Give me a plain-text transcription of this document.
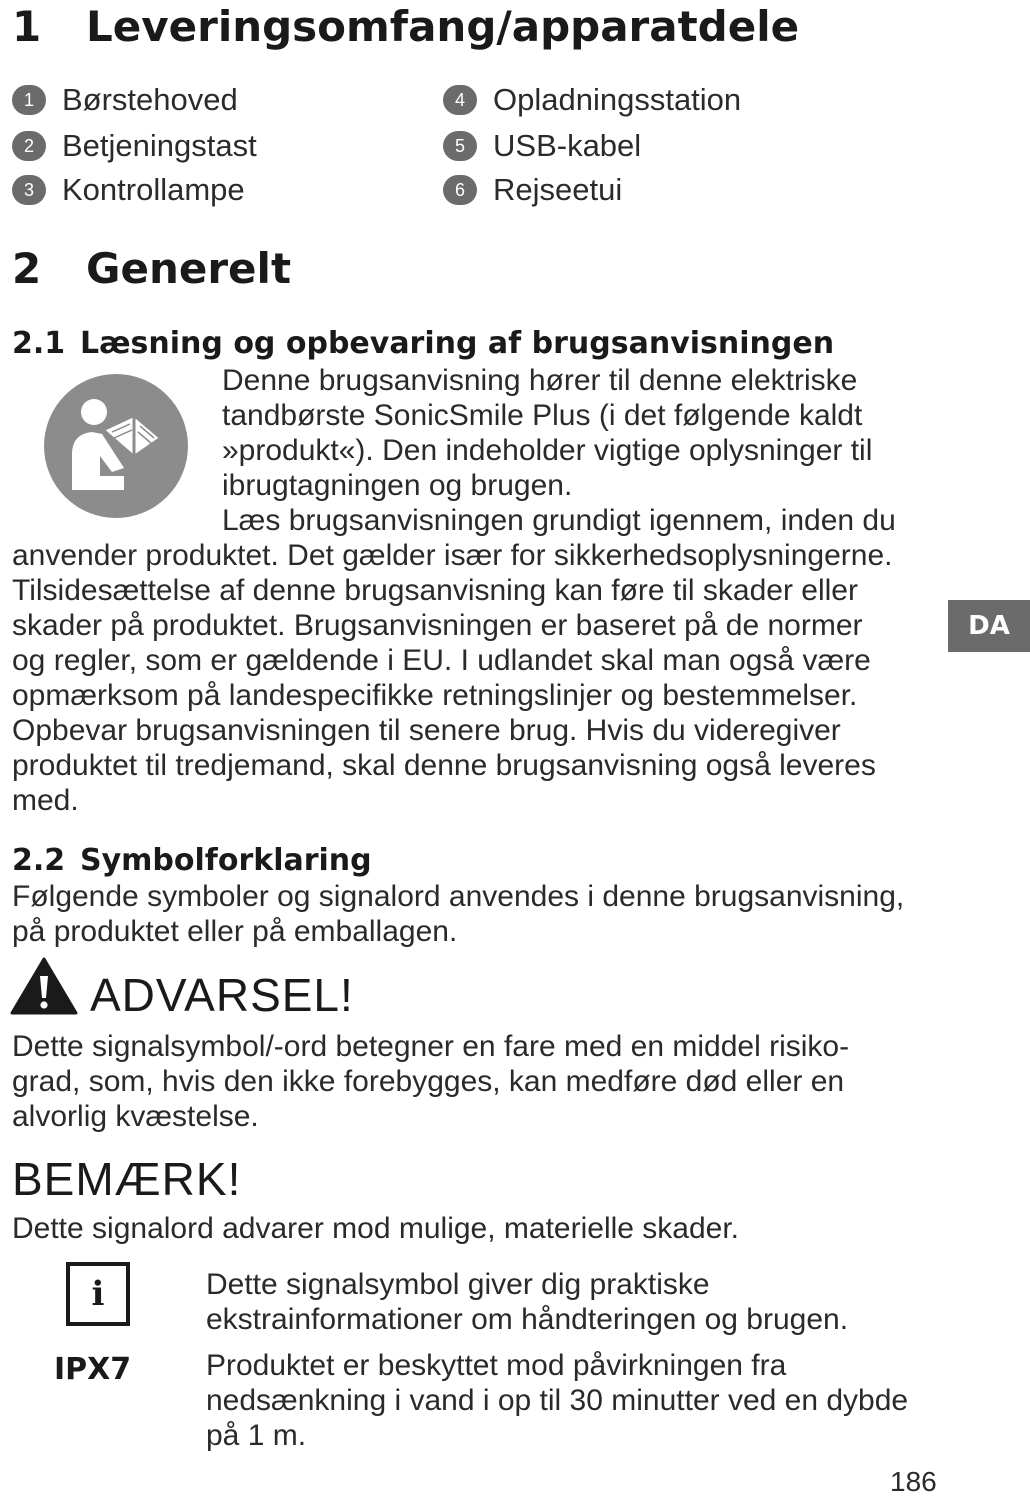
1 Leveringsomfang/apparatdele
1 Børstehoved
2 Betjeningstast
3 Kontrollampe
4 Opladningsstation
5 USB-kabel
6 Rejseetui
2 Generelt
2.1 Læsning og opbevaring af brugsanvisningen
Denne brugsanvisning hører til denne elektriske
tandbørste SonicSmile Plus (i det følgende kaldt
»produkt«). Den indeholder vigtige oplysninger til
ibrugtagningen og brugen.
Læs brugsanvisningen grundigt igennem, inden du
anvender produktet. Det gælder især for sikkerhedsoplysningerne.
Tilsidesættelse af denne brugsanvisning kan føre til skader eller
skader på produktet. Brugsanvisningen er baseret på de normer
og regler, som er gældende i EU. I udlandet skal man også være
opmærksom på landespecifikke retningslinjer og bestemmelser.
Opbevar brugsanvisningen til senere brug. Hvis du videregiver
produktet til tredjemand, skal denne brugsanvisning også leveres
med.
DA
2.2 Symbolforklaring
Følgende symboler og signalord anvendes i denne brugsanvisning,
på produktet eller på emballagen.
ADVARSEL!
Dette signalsymbol/-ord betegner en fare med en middel risiko-
grad, som, hvis den ikke forebygges, kan medføre død eller en
alvorlig kvæstelse.
BEMÆRK!
Dette signalord advarer mod mulige, materielle skader.
i	Dette signalsymbol giver dig praktiske
ekstrainformationer om håndteringen og brugen.
IPX7 Produktet er beskyttet mod påvirkningen fra
nedsænkning i vand i op til 30 minutter ved en dybde
på 1 m.
186
